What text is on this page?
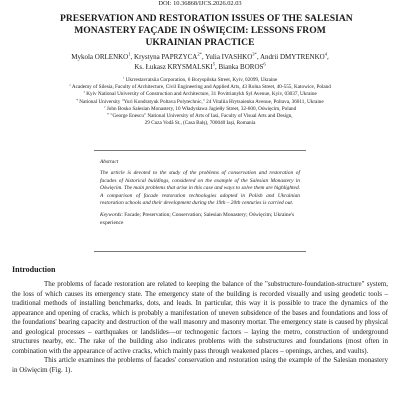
DOI: 10.36868/IJCS.2026.02.03
PRESERVATION AND RESTORATION ISSUES OF THE SALESIAN
MONASTERY FAÇADE IN OŚWIĘCIM: LESSONS FROM
UKRAINIAN PRACTICE
Mykola ORLENKO$^1$, Krystyna $PAPRZYCA^{2*}$, Yulia $IVASHKO^{3*}$, Andrii DMYTRENKO$^4$,
Ks. Łukasz KRYSMALSKI$^5$, Bianka BOROS$^6$
$^1$ Ukrrestavratsiia Corporation, 6 Boryspilska Street, Kyiv, 02099, Ukraine
$^2$ Academy of Silesia, Faculty of Architecture, Civil Engineering and Applied Arts, 43 Rolna Street, 40-555, Katowice, Poland
$^3$ Kyiv National University of Construction and Architecture, 31 Povitrianykh Syl Avenue, Kyiv, 03037, Ukraine
$^4$ National University "Yuri Kondratyuk Poltava Polytechnic," 24 Vitaliia Hrytsaienka Avenue, Poltava, 36011, Ukraine
$^5$ John Bosko Salesian Monastery, 10 Władysława Jagiełły Street, 32-600, Oświęcim, Poland
$^6$ "George Enescu" National University of Arts of Iasi, Faculty of Visual Arts and Design,
29 Cuza Vodă St., (Casa Balș), 700040 Iași, Romania
Abstract
The article is devoted to the study of the problems of conservation and restoration of facades of historical buildings, considered on the example of the Salesian Monastery in Oświęcim. The main problems that arise in this case and ways to solve them are highlighted. A comparison of facade restoration technologies adopted in Polish and Ukrainian restoration schools and their development during the 19th – 20th centuries is carried out.
Keywords: Facade; Preservation; Conservation; Salesian Monastery; Oświęcim; Ukraine's experience
Introduction

The problems of facade restoration are related to keeping the balance of the "substructure-foundation-structure" system, the loss of which causes its emergency state. The emergency state of the building is recorded visually and using geodetic tools – traditional methods of installing benchmarks, dots, and leads. In particular, this way it is possible to trace the dynamics of the appearance and opening of cracks, which is probably a manifestation of uneven subsidence of the bases and foundations and loss of the foundations' bearing capacity and destruction of the wall masonry and masonry mortar. The emergency state is caused by physical and geological processes – earthquakes or landslides—or technogenic factors – laying the metro, construction of underground structures nearby, etc. The rake of the building also indicates problems with the substructures and foundations (most often in combination with the appearance of active cracks, which mainly pass through weakened places – openings, arches, and vaults).

This article examines the problems of facades' conservation and restoration using the example of the Salesian monastery in Oświęcim (Fig. 1).
